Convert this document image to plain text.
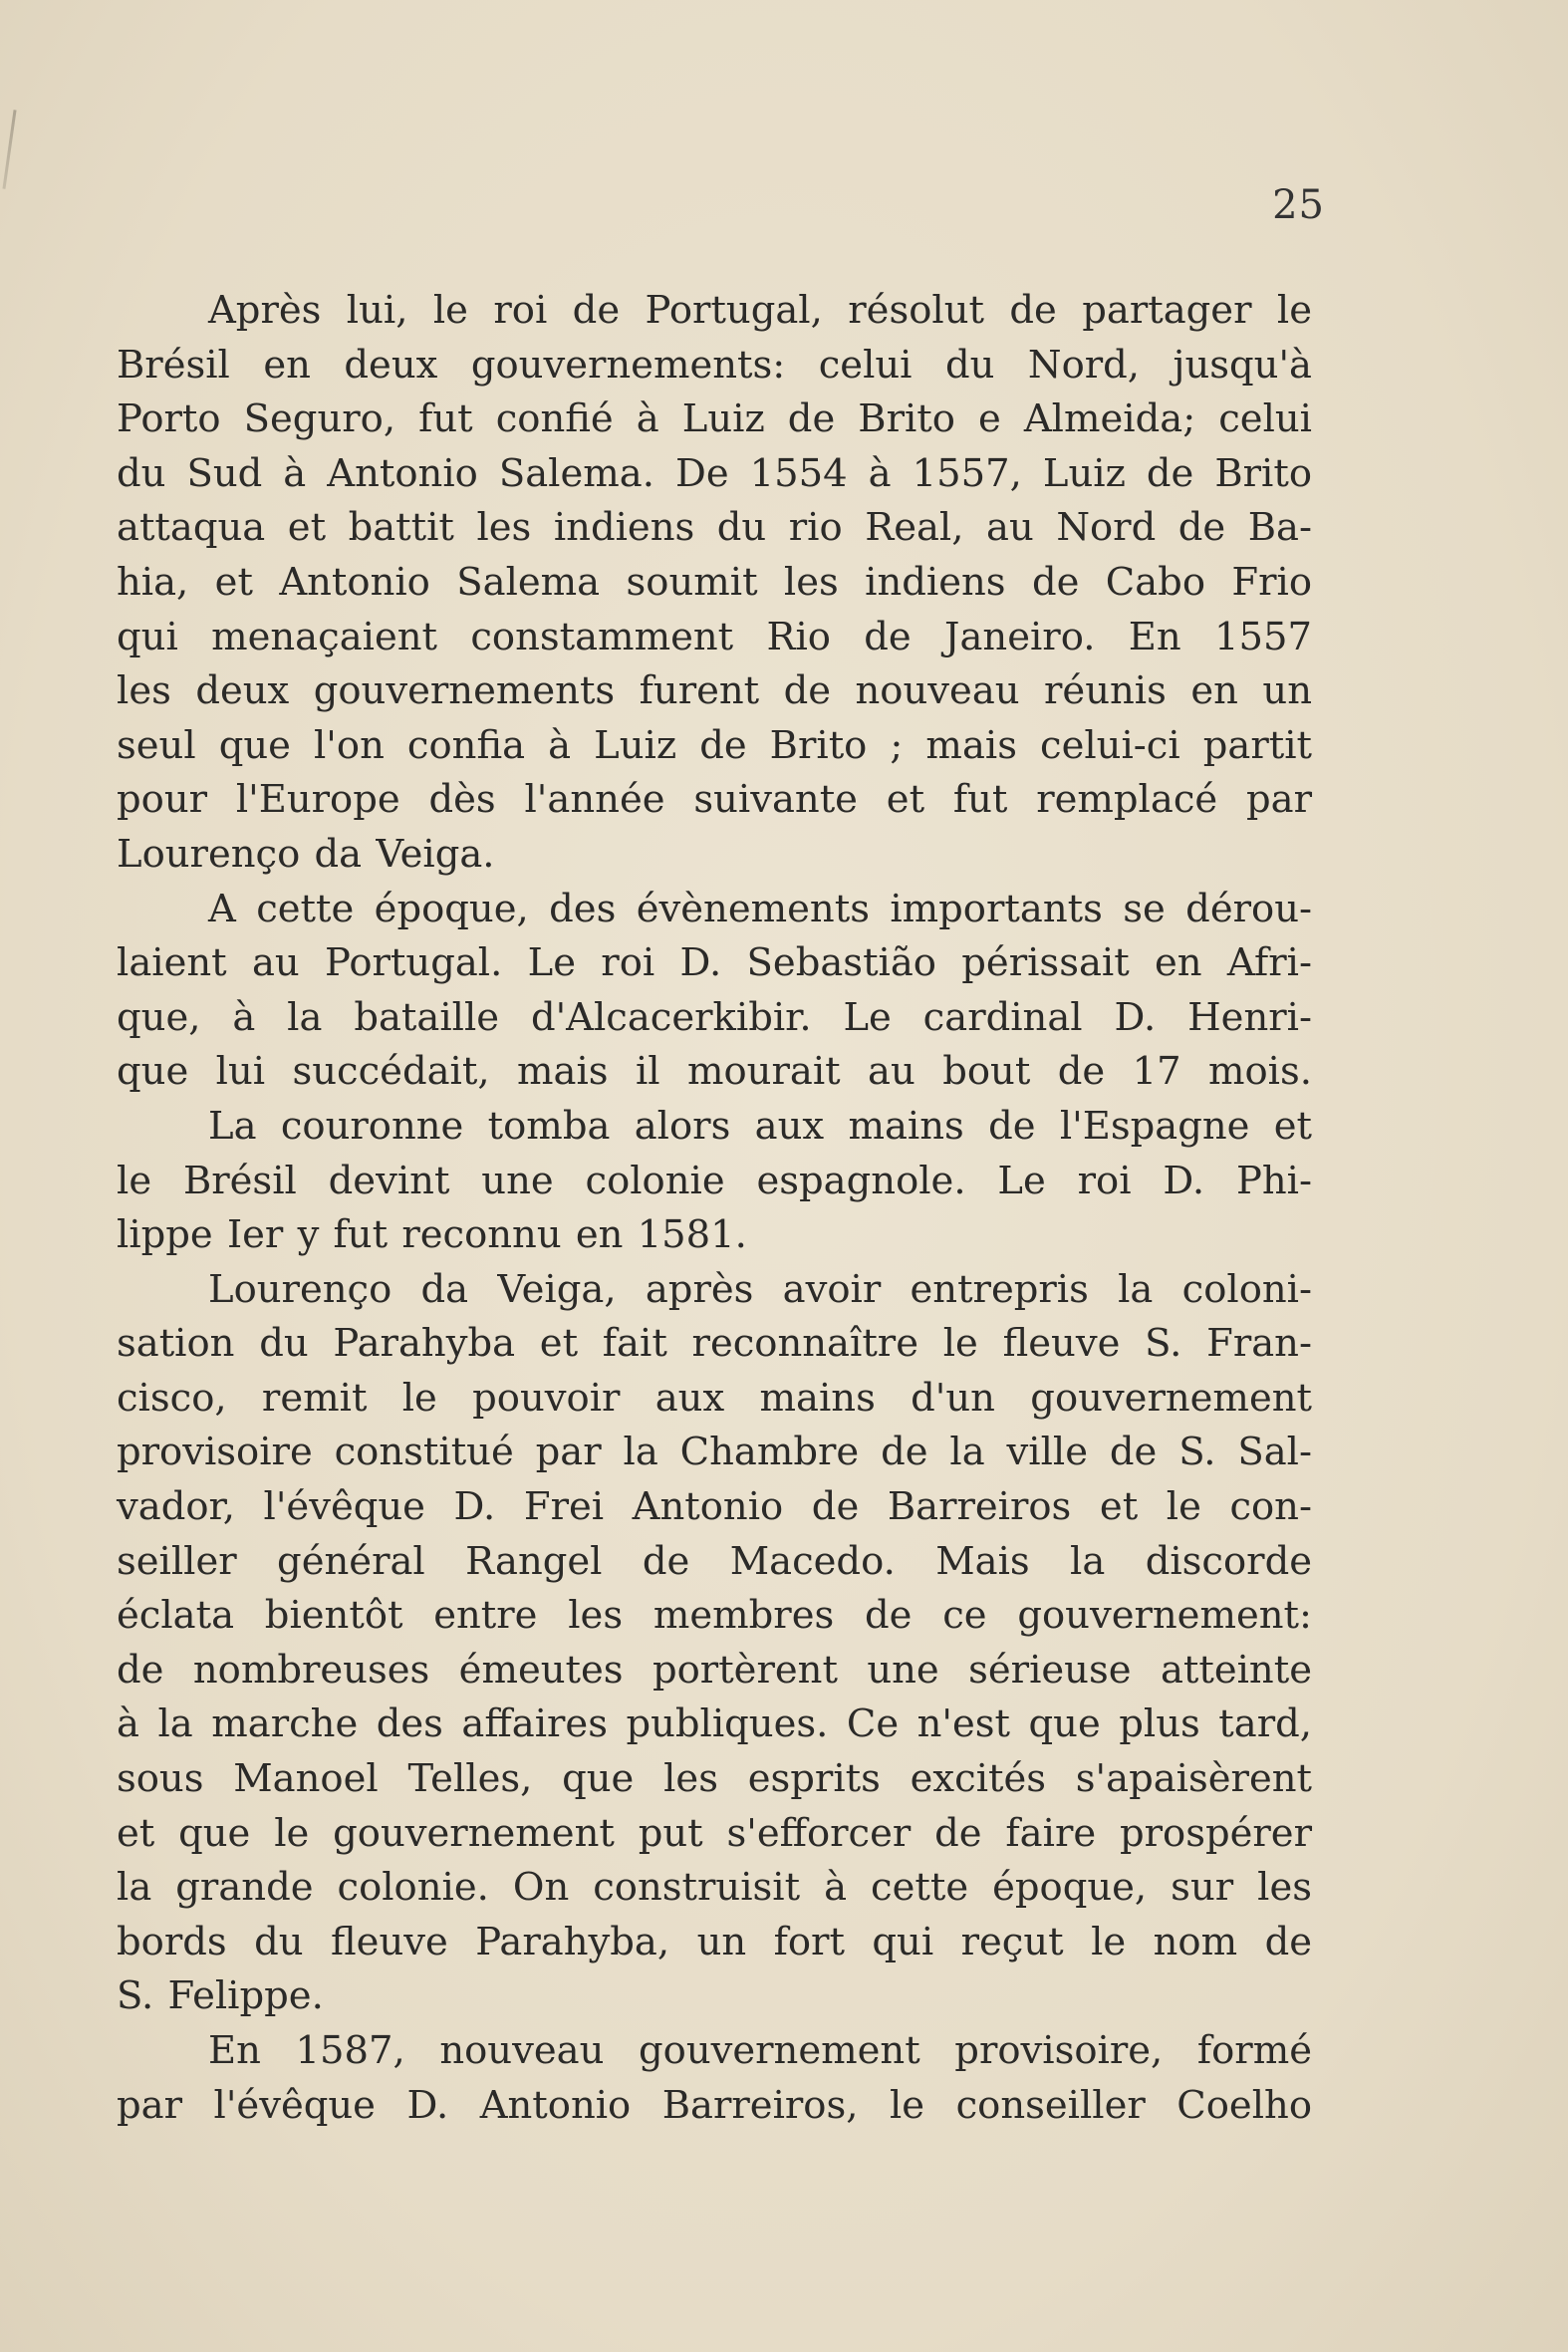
25
Après lui, le roi de Portugal, résolut de partager le
Brésil en deux gouvernements: celui du Nord, jusqu'à
Porto Seguro, fut confié à Luiz de Brito e Almeida; celui
du Sud à Antonio Salema. De 1554 à 1557, Luiz de Brito
attaqua et battit les indiens du rio Real, au Nord de Ba-
hia, et Antonio Salema soumit les indiens de Cabo Frio
qui menaçaient constamment Rio de Janeiro. En 1557
les deux gouvernements furent de nouveau réunis en un
seul que l'on confia à Luiz de Brito ; mais celui-ci partit
pour l'Europe dès l'année suivante et fut remplacé par
Lourenço da Veiga.
A cette époque, des évènements importants se dérou-
laient au Portugal. Le roi D. Sebastião périssait en Afri-
que, à la bataille d'Alcacerkibir. Le cardinal D. Henri-
que lui succédait, mais il mourait au bout de 17 mois.
La couronne tomba alors aux mains de l'Espagne et
le Brésil devint une colonie espagnole. Le roi D. Phi-
lippe Ier y fut reconnu en 1581.
Lourenço da Veiga, après avoir entrepris la coloni-
sation du Parahyba et fait reconnaître le fleuve S. Fran-
cisco, remit le pouvoir aux mains d'un gouvernement
provisoire constitué par la Chambre de la ville de S. Sal-
vador, l'évêque D. Frei Antonio de Barreiros et le con-
seiller général Rangel de Macedo. Mais la discorde
éclata bientôt entre les membres de ce gouvernement:
de nombreuses émeutes portèrent une sérieuse atteinte
à la marche des affaires publiques. Ce n'est que plus tard,
sous Manoel Telles, que les esprits excités s'apaisèrent
et que le gouvernement put s'efforcer de faire prospérer
la grande colonie. On construisit à cette époque, sur les
bords du fleuve Parahyba, un fort qui reçut le nom de
S. Felippe.
En 1587, nouveau gouvernement provisoire, formé
par l'évêque D. Antonio Barreiros, le conseiller Coelho
